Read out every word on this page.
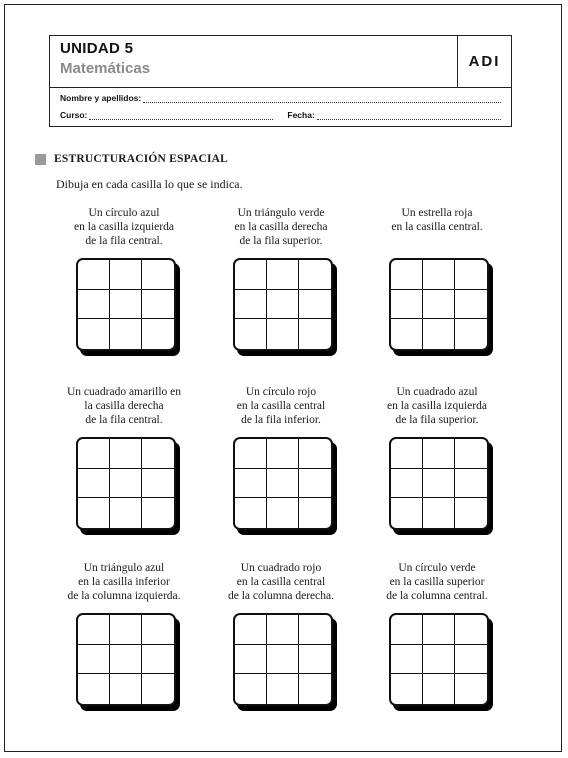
UNIDAD 5
Matemáticas	ADI
Nombre y apellidos:
Curso:	Fecha:
ESTRUCTURACIÓN ESPACIAL
Dibuja en cada casilla lo que se indica.
Un círculo azul
en la casilla izquierda
de la fila central.
Un triángulo verde
en la casilla derecha
de la fila superior.
Un estrella roja
en la casilla central.
Un cuadrado amarillo en
la casilla derecha
de la fila central.
Un círculo rojo
en la casilla central
de la fila inferior.
Un cuadrado azul
en la casilla izquierda
de la fila superior.
Un triángulo azul
en la casilla inferior
de la columna izquierda.
Un cuadrado rojo
en la casilla central
de la columna derecha.
Un círculo verde
en la casilla superior
de la columna central.
